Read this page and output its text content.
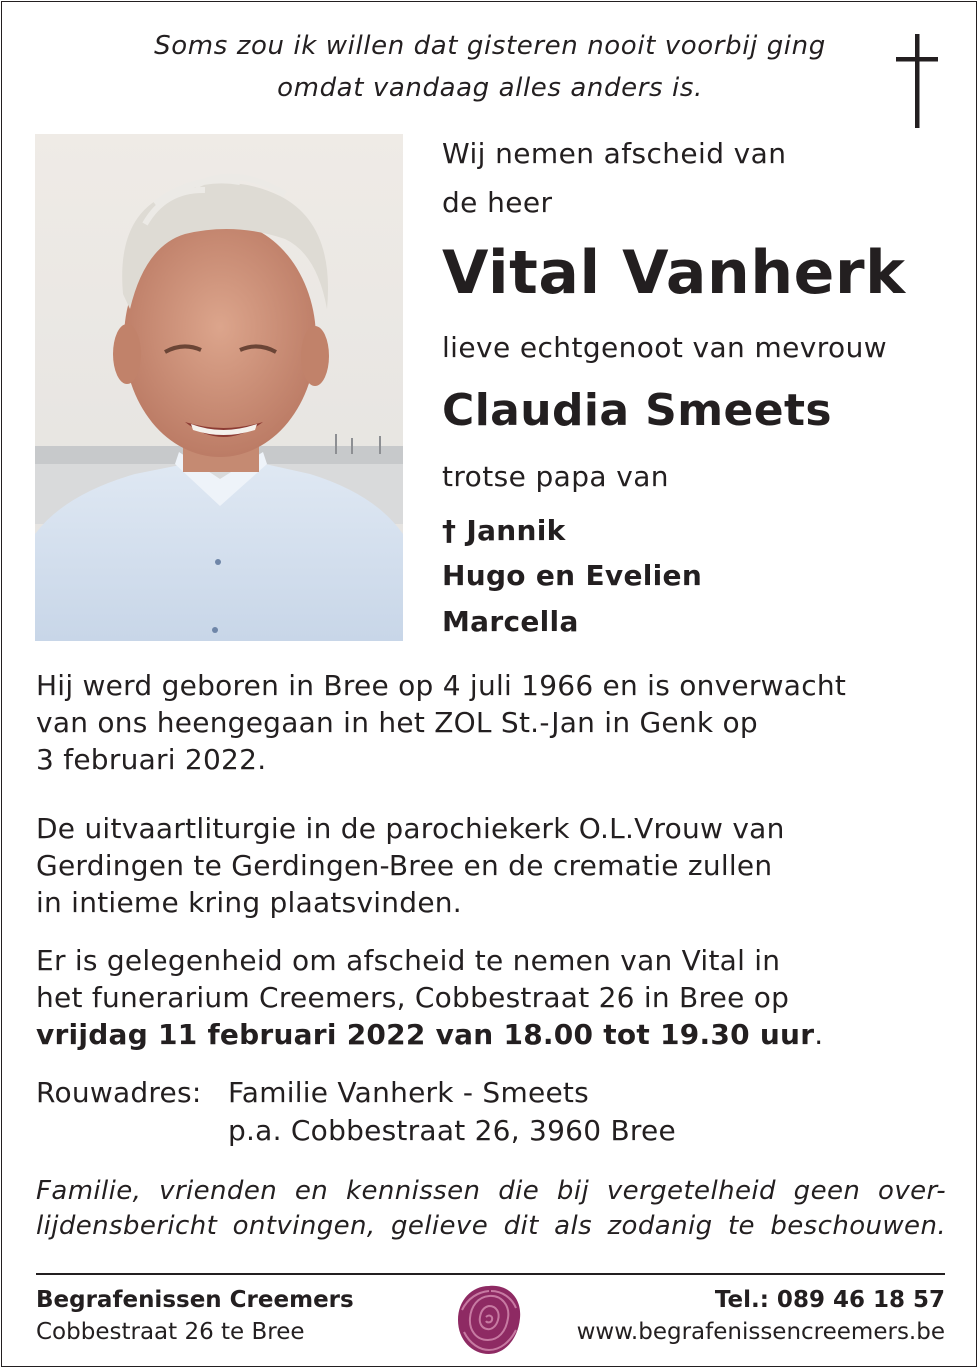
Soms zou ik willen dat gisteren nooit voorbij ging
omdat vandaag alles anders is.
Wij nemen afscheid van
de heer
Vital Vanherk
lieve echtgenoot van mevrouw
Claudia Smeets
trotse papa van
† Jannik
Hugo en Evelien
Marcella
Hij werd geboren in Bree op 4 juli 1966 en is onverwacht
van ons heengegaan in het ZOL St.-Jan in Genk op
3 februari 2022.
De uitvaartliturgie in de parochiekerk O.L.Vrouw van
Gerdingen te Gerdingen-Bree en de crematie zullen
in intieme kring plaatsvinden.
Er is gelegenheid om afscheid te nemen van Vital in
het funerarium Creemers, Cobbestraat 26 in Bree op
vrijdag 11 februari 2022 van 18.00 tot 19.30 uur.
Rouwadres: Familie Vanherk - Smeets
p.a. Cobbestraat 26, 3960 Bree
Familie, vrienden en kennissen die bij vergetelheid geen over-
lijdensbericht ontvingen, gelieve dit als zodanig te beschouwen.
Begrafenissen Creemers
Cobbestraat 26 te Bree
Tel.: 089 46 18 57
www.begrafenissencreemers.be
